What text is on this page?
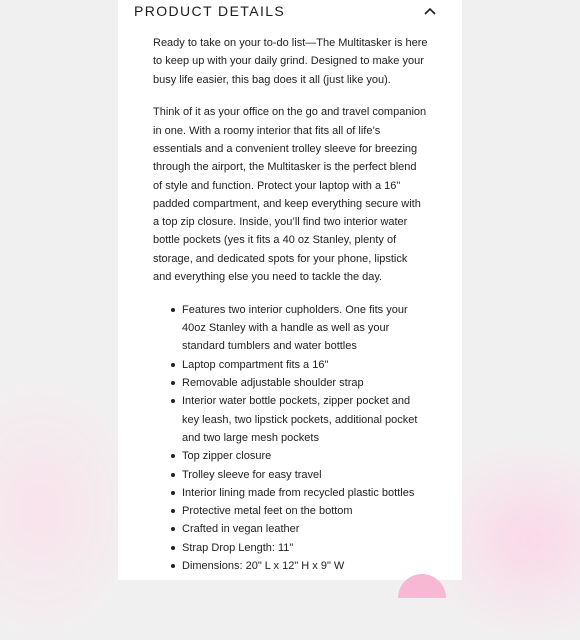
PRODUCT DETAILS

Ready to take on your to-do list—The Multitasker is here to keep up with your daily grind. Designed to make your busy life easier, this bag does it all (just like you).

Think of it as your office on the go and travel companion in one. With a roomy interior that fits all of life’s essentials and a convenient trolley sleeve for breezing through the airport, the Multitasker is the perfect blend of style and function. Protect your laptop with a 16" padded compartment, and keep everything secure with a top zip closure. Inside, you’ll find two interior water bottle pockets (yes it fits a 40 oz Stanley, plenty of storage, and dedicated spots for your phone, lipstick and everything else you need to tackle the day.

Features two interior cupholders. One fits your 40oz Stanley with a handle as well as your standard tumblers and water bottles
Laptop compartment fits a 16"
Removable adjustable shoulder strap
Interior water bottle pockets, zipper pocket and key leash, two lipstick pockets, additional pocket and two large mesh pockets
Top zipper closure
Trolley sleeve for easy travel
Interior lining made from recycled plastic bottles
Protective metal feet on the bottom
Crafted in vegan leather
Strap Drop Length: 11"
Dimensions: 20" L x 12" H x 9" W
